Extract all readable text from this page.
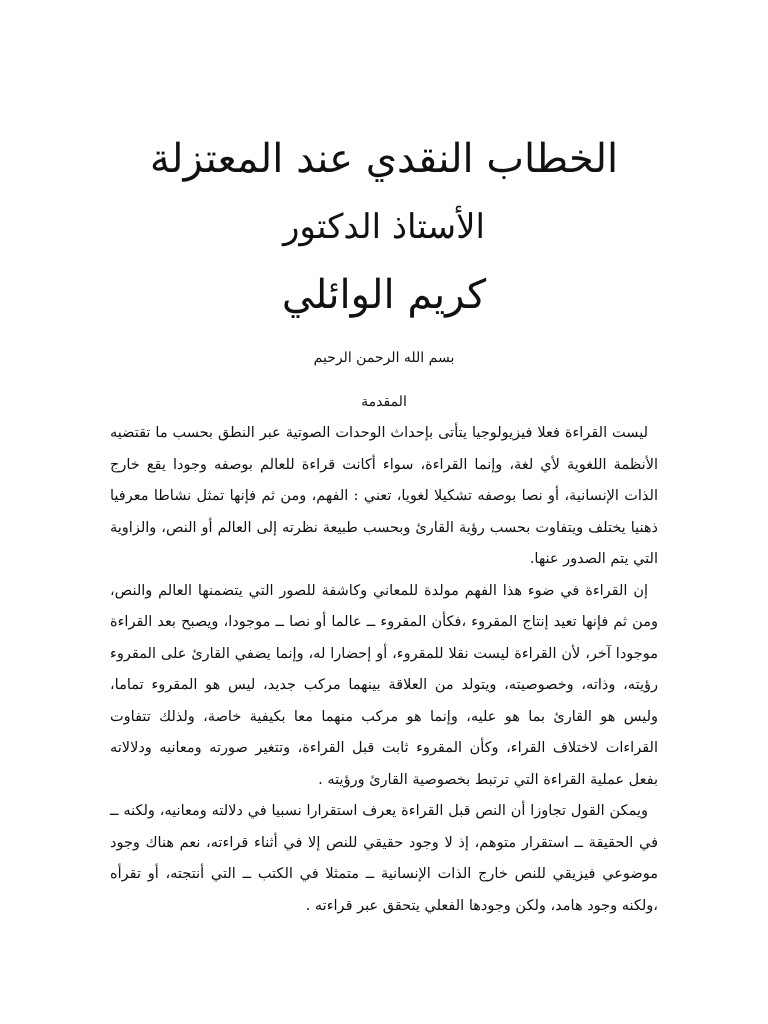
الخطاب النقدي عند المعتزلة
الأستاذ الدكتور
كريم الوائلي

بسم الله الرحمن الرحيم

المقدمة

ليست القراءة فعلا فيزيولوجيا يتأتى بإحداث الوحدات الصوتية عبر النطق بحسب ما تقتضيه الأنظمة اللغوية لأي لغة، وإنما القراءة، سواء أكانت قراءة للعالم بوصفه وجودا يقع خارج الذات الإنسانية، أو نصا بوصفه تشكيلا لغويا، تعني : الفهم، ومن ثم فإنها تمثل نشاطا معرفيا ذهنيا يختلف ويتفاوت بحسب رؤية القارئ وبحسب طبيعة نظرته إلى العالم أو النص، والزاوية التي يتم الصدور عنها.

إن القراءة في ضوء هذا الفهم مولدة للمعاني وكاشفة للصور التي يتضمنها العالم والنص، ومن ثم فإنها تعيد إنتاج المقروء ،فكأن المقروء ــ عالما أو نصا ــ موجودا، ويصبح بعد القراءة موجودا آخر، لأن القراءة ليست نقلا للمقروء، أو إحضارا له، وإنما يضفي القارئ على المقروء رؤيته، وذاته، وخصوصيته، ويتولد من العلاقة بينهما مركب جديد، ليس هو المقروء تماما، وليس هو القارئ بما هو عليه، وإنما هو مركب منهما معا بكيفية خاصة، ولذلك تتفاوت القراءات لاختلاف القراء، وكأن المقروء ثابت قبل القراءة، وتتغير صورته ومعانيه ودلالاته بفعل عملية القراءة التي ترتبط بخصوصية القارئ ورؤيته .

ويمكن القول تجاوزا أن النص قبل القراءة يعرف استقرارا نسبيا في دلالته ومعانيه، ولكنه ــ في الحقيقة ــ استقرار متوهم، إذ لا وجود حقيقي للنص إلا في أثناء قراءته، نعم هناك وجود موضوعي فيزيقي للنص خارج الذات الإنسانية ــ متمثلا في الكتب ــ التي أنتجته، أو تقرأه ،ولكنه وجود هامد، ولكن وجودها الفعلي يتحقق عبر قراءته .
